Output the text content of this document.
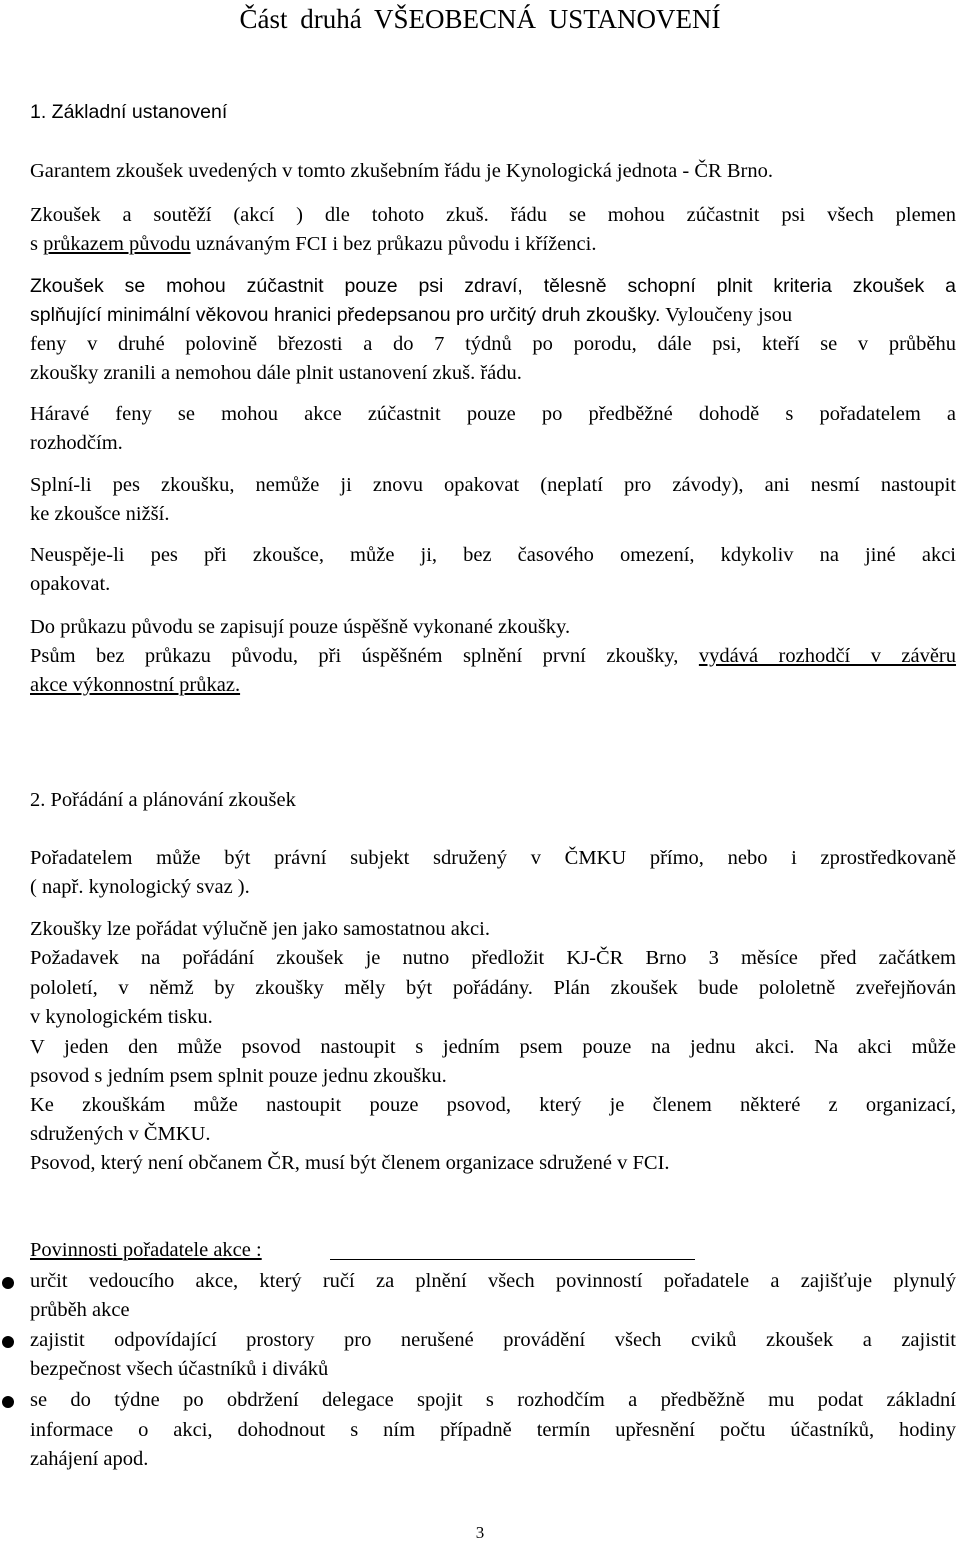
Část druhá VŠEOBECNÁ USTANOVENÍ

1. Základní ustanovení

Garantem zkoušek uvedených v tomto zkušebním řádu je Kynologická jednota - ČR Brno.

Zkoušek a soutěží (akcí ) dle tohoto zkuš. řádu se mohou zúčastnit psi všech plemen

s průkazem původu uznávaným FCI i bez průkazu původu i kříženci.

Zkoušek se mohou zúčastnit pouze psi zdraví, tělesně schopní plnit kriteria zkoušek a

splňující minimální věkovou hranici předepsanou pro určitý druh zkoušky. Vyloučeny jsou

feny v druhé polovině březosti a do 7 týdnů po porodu, dále psi, kteří se v průběhu

zkoušky zranili a nemohou dále plnit ustanovení zkuš. řádu.

Háravé feny se mohou akce zúčastnit pouze po předběžné dohodě s pořadatelem a

rozhodčím.

Splní-li pes zkoušku, nemůže ji znovu opakovat (neplatí pro závody), ani nesmí nastoupit

ke zkoušce nižší.

Neuspěje-li pes při zkoušce, může ji, bez časového omezení, kdykoliv na jiné akci

opakovat.

Do průkazu původu se zapisují pouze úspěšně vykonané zkoušky.

Psům bez průkazu původu, při úspěšném splnění první zkoušky, vydává rozhodčí v závěru

akce výkonnostní průkaz.

2. Pořádání a plánování zkoušek

Pořadatelem může být právní subjekt sdružený v ČMKU přímo, nebo i zprostředkovaně

( např. kynologický svaz ).

Zkoušky lze pořádat výlučně jen jako samostatnou akci.

Požadavek na pořádání zkoušek je nutno předložit KJ-ČR Brno 3 měsíce před začátkem

pololetí, v němž by zkoušky měly být pořádány. Plán zkoušek bude pololetně zveřejňován

v kynologickém tisku.

V jeden den může psovod nastoupit s jedním psem pouze na jednu akci. Na akci může

psovod s jedním psem splnit pouze jednu zkoušku.

Ke zkouškám může nastoupit pouze psovod, který je členem některé z organizací,

sdružených v ČMKU.

Psovod, který není občanem ČR, musí být členem organizace sdružené v FCI.

Povinnosti pořadatele akce :

určit vedoucího akce, který ručí za plnění všech povinností pořadatele a zajišťuje plynulý

průběh akce

zajistit odpovídající prostory pro nerušené provádění všech cviků zkoušek a zajistit

bezpečnost všech účastníků i diváků

se do týdne po obdržení delegace spojit s rozhodčím a předběžně mu podat základní

informace o akci, dohodnout s ním případně termín upřesnění počtu účastníků, hodiny

zahájení apod.

3
